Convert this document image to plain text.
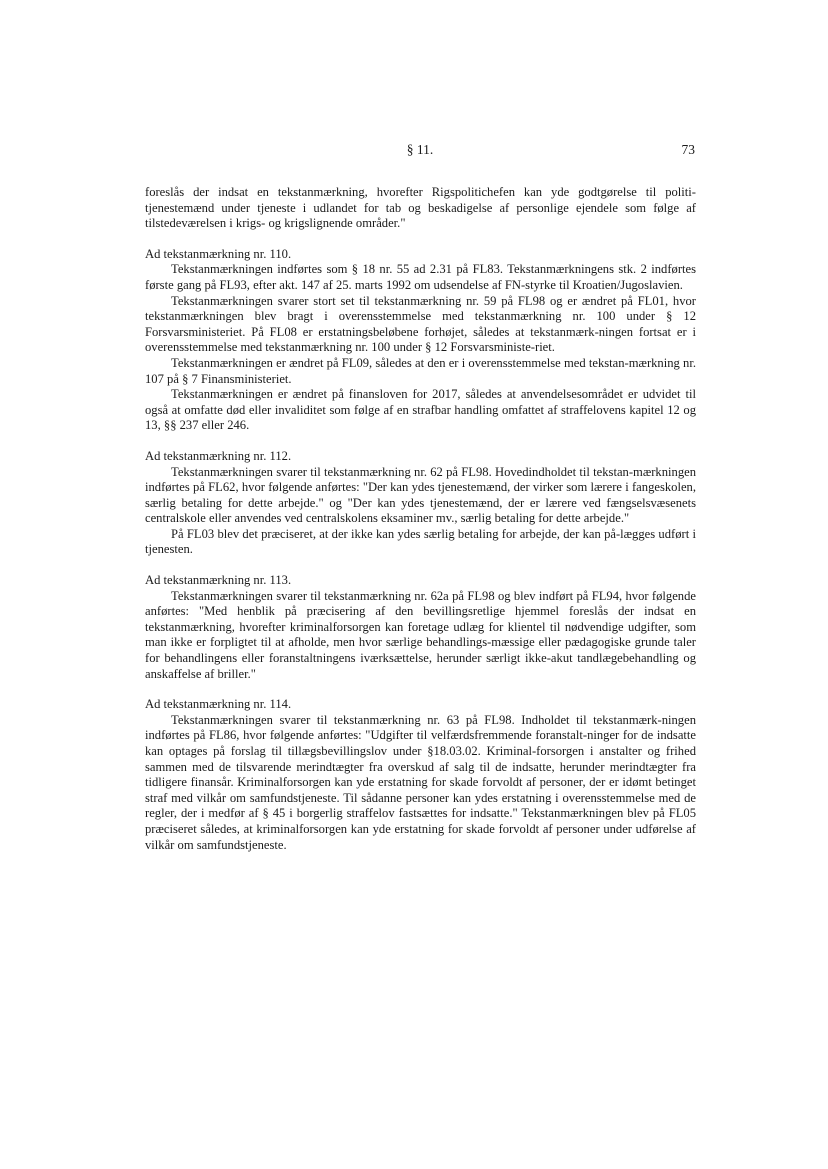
§ 11.	73

foreslås der indsat en tekstanmærkning, hvorefter Rigspolitichefen kan yde godtgørelse til politi-tjenestemænd under tjeneste i udlandet for tab og beskadigelse af personlige ejendele som følge af tilstedeværelsen i krigs- og krigslignende områder."

Ad tekstanmærkning nr. 110.

Tekstanmærkningen indførtes som § 18 nr. 55 ad 2.31 på FL83. Tekstanmærkningens stk. 2 indførtes første gang på FL93, efter akt. 147 af 25. marts 1992 om udsendelse af FN-styrke til Kroatien/Jugoslavien.

Tekstanmærkningen svarer stort set til tekstanmærkning nr. 59 på FL98 og er ændret på FL01, hvor tekstanmærkningen blev bragt i overensstemmelse med tekstanmærkning nr. 100 under § 12 Forsvarsministeriet. På FL08 er erstatningsbeløbene forhøjet, således at tekstanmærk-ningen fortsat er i overensstemmelse med tekstanmærkning nr. 100 under § 12 Forsvarsministe-riet.

Tekstanmærkningen er ændret på FL09, således at den er i overensstemmelse med tekstan-mærkning nr. 107 på § 7 Finansministeriet.

Tekstanmærkningen er ændret på finansloven for 2017, således at anvendelsesområdet er udvidet til også at omfatte død eller invaliditet som følge af en strafbar handling omfattet af straffelovens kapitel 12 og 13, §§ 237 eller 246.

Ad tekstanmærkning nr. 112.

Tekstanmærkningen svarer til tekstanmærkning nr. 62 på FL98. Hovedindholdet til tekstan-mærkningen indførtes på FL62, hvor følgende anførtes: "Der kan ydes tjenestemænd, der virker som lærere i fangeskolen, særlig betaling for dette arbejde." og "Der kan ydes tjenestemænd, der er lærere ved fængselsvæsenets centralskole eller anvendes ved centralskolens eksaminer mv., særlig betaling for dette arbejde."

På FL03 blev det præciseret, at der ikke kan ydes særlig betaling for arbejde, der kan på-lægges udført i tjenesten.

Ad tekstanmærkning nr. 113.

Tekstanmærkningen svarer til tekstanmærkning nr. 62a på FL98 og blev indført på FL94, hvor følgende anførtes: "Med henblik på præcisering af den bevillingsretlige hjemmel foreslås der indsat en tekstanmærkning, hvorefter kriminalforsorgen kan foretage udlæg for klientel til nødvendige udgifter, som man ikke er forpligtet til at afholde, men hvor særlige behandlings-mæssige eller pædagogiske grunde taler for behandlingens eller foranstaltningens iværksættelse, herunder særligt ikke-akut tandlægebehandling og anskaffelse af briller."

Ad tekstanmærkning nr. 114.

Tekstanmærkningen svarer til tekstanmærkning nr. 63 på FL98. Indholdet til tekstanmærk-ningen indførtes på FL86, hvor følgende anførtes: "Udgifter til velfærdsfremmende foranstalt-ninger for de indsatte kan optages på forslag til tillægsbevillingslov under §18.03.02. Kriminal-forsorgen i anstalter og frihed sammen med de tilsvarende merindtægter fra overskud af salg til de indsatte, herunder merindtægter fra tidligere finansår. Kriminalforsorgen kan yde erstatning for skade forvoldt af personer, der er idømt betinget straf med vilkår om samfundstjeneste. Til sådanne personer kan ydes erstatning i overensstemmelse med de regler, der i medfør af § 45 i borgerlig straffelov fastsættes for indsatte." Tekstanmærkningen blev på FL05 præciseret således, at kriminalforsorgen kan yde erstatning for skade forvoldt af personer under udførelse af vilkår om samfundstjeneste.
